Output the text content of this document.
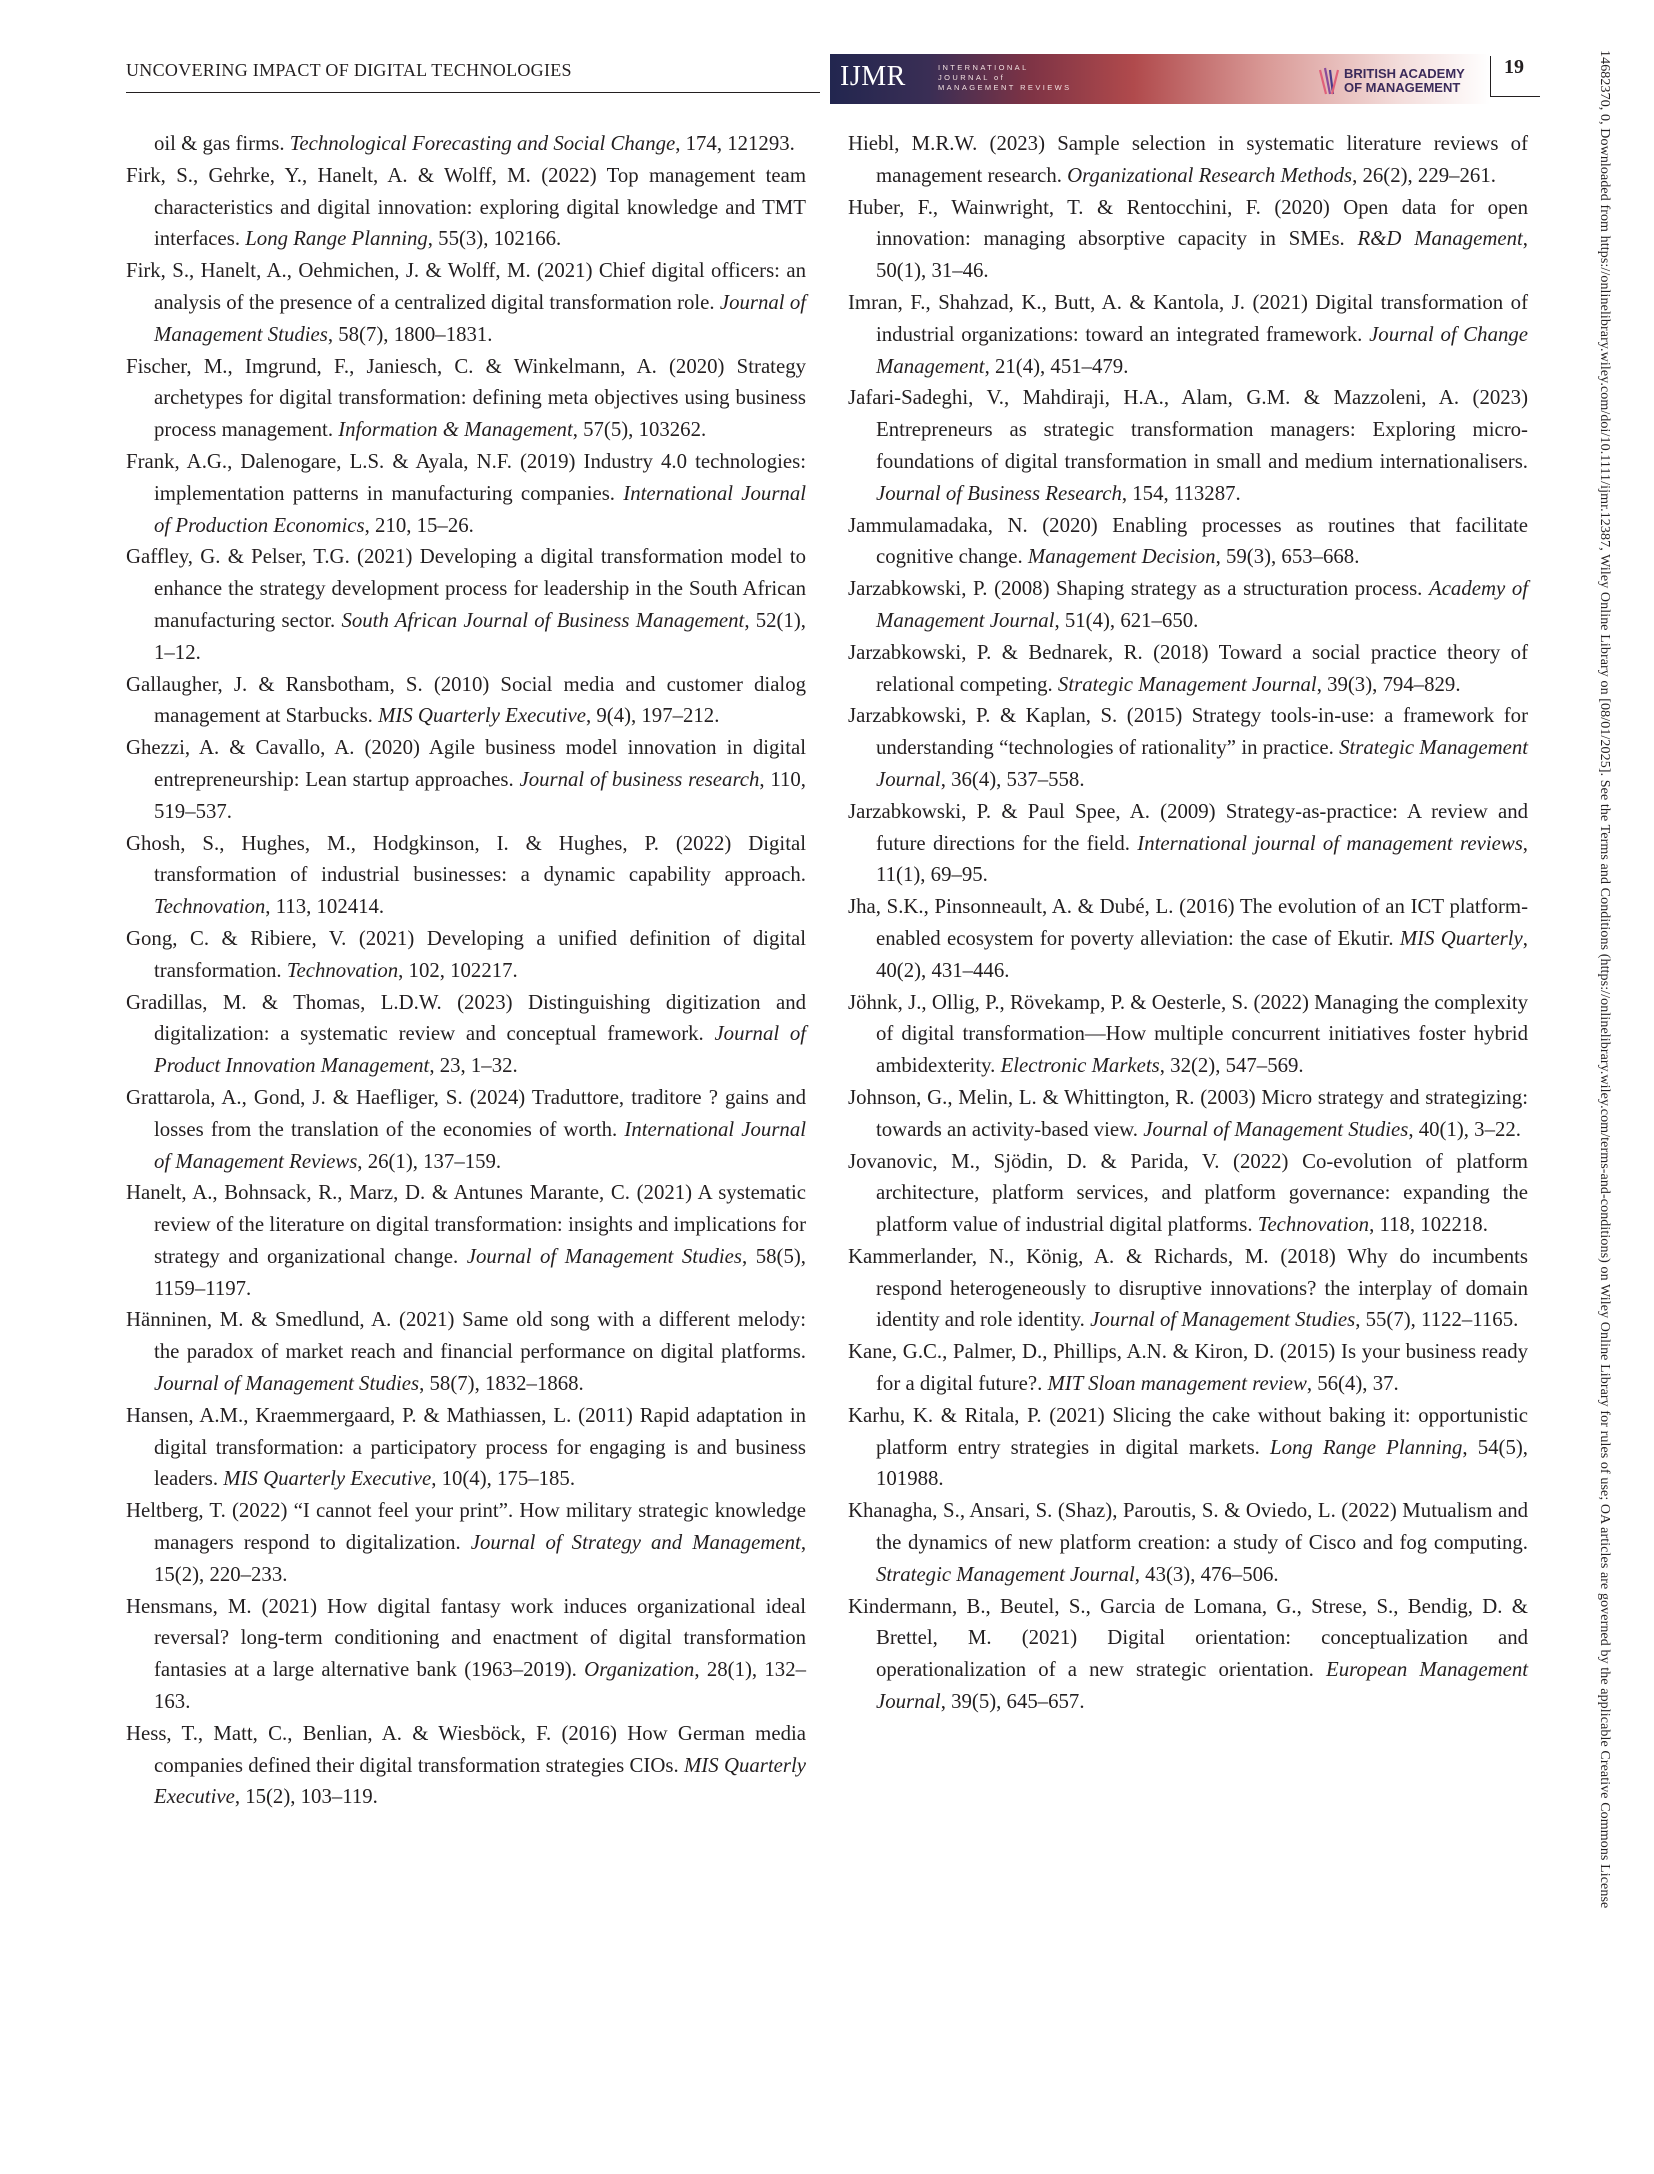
UNCOVERING IMPACT OF DIGITAL TECHNOLOGIES	IJMR	INTERNATIONAL
JOURNAL of
MANAGEMENT REVIEWS
BRITISH ACADEMY
OF MANAGEMENT
19

oil & gas firms. Technological Forecasting and Social Change, 174, 121293.

Firk, S., Gehrke, Y., Hanelt, A. & Wolff, M. (2022) Top management team characteristics and digital innovation: exploring digital knowledge and TMT interfaces. Long Range Planning, 55(3), 102166.

Firk, S., Hanelt, A., Oehmichen, J. & Wolff, M. (2021) Chief digital officers: an analysis of the presence of a centralized digital transformation role. Journal of Management Studies, 58(7), 1800–1831.

Fischer, M., Imgrund, F., Janiesch, C. & Winkelmann, A. (2020) Strategy archetypes for digital transformation: defining meta objectives using business process management. Information & Management, 57(5), 103262.

Frank, A.G., Dalenogare, L.S. & Ayala, N.F. (2019) Industry 4.0 technologies: implementation patterns in manufacturing companies. International Journal of Production Economics, 210, 15–26.

Gaffley, G. & Pelser, T.G. (2021) Developing a digital transformation model to enhance the strategy development process for leadership in the South African manufacturing sector. South African Journal of Business Management, 52(1), 1–12.

Gallaugher, J. & Ransbotham, S. (2010) Social media and customer dialog management at Starbucks. MIS Quarterly Executive, 9(4), 197–212.

Ghezzi, A. & Cavallo, A. (2020) Agile business model innovation in digital entrepreneurship: Lean startup approaches. Journal of business research, 110, 519–537.

Ghosh, S., Hughes, M., Hodgkinson, I. & Hughes, P. (2022) Digital transformation of industrial businesses: a dynamic capability approach. Technovation, 113, 102414.

Gong, C. & Ribiere, V. (2021) Developing a unified definition of digital transformation. Technovation, 102, 102217.

Gradillas, M. & Thomas, L.D.W. (2023) Distinguishing digitization and digitalization: a systematic review and conceptual framework. Journal of Product Innovation Management, 23, 1–32.

Grattarola, A., Gond, J. & Haefliger, S. (2024) Traduttore, traditore ? gains and losses from the translation of the economies of worth. International Journal of Management Reviews, 26(1), 137–159.

Hanelt, A., Bohnsack, R., Marz, D. & Antunes Marante, C. (2021) A systematic review of the literature on digital transformation: insights and implications for strategy and organizational change. Journal of Management Studies, 58(5), 1159–1197.

Hänninen, M. & Smedlund, A. (2021) Same old song with a different melody: the paradox of market reach and financial performance on digital platforms. Journal of Management Studies, 58(7), 1832–1868.

Hansen, A.M., Kraemmergaard, P. & Mathiassen, L. (2011) Rapid adaptation in digital transformation: a participatory process for engaging is and business leaders. MIS Quarterly Executive, 10(4), 175–185.

Heltberg, T. (2022) “I cannot feel your print”. How military strategic knowledge managers respond to digitalization. Journal of Strategy and Management, 15(2), 220–233.

Hensmans, M. (2021) How digital fantasy work induces organizational ideal reversal? long-term conditioning and enactment of digital transformation fantasies at a large alternative bank (1963–2019). Organization, 28(1), 132–163.

Hess, T., Matt, C., Benlian, A. & Wiesböck, F. (2016) How German media companies defined their digital transformation strategies CIOs. MIS Quarterly Executive, 15(2), 103–119.

Hiebl, M.R.W. (2023) Sample selection in systematic literature reviews of management research. Organizational Research Methods, 26(2), 229–261.

Huber, F., Wainwright, T. & Rentocchini, F. (2020) Open data for open innovation: managing absorptive capacity in SMEs. R&D Management, 50(1), 31–46.

Imran, F., Shahzad, K., Butt, A. & Kantola, J. (2021) Digital transformation of industrial organizations: toward an integrated framework. Journal of Change Management, 21(4), 451–479.

Jafari-Sadeghi, V., Mahdiraji, H.A., Alam, G.M. & Mazzoleni, A. (2023) Entrepreneurs as strategic transformation managers: Exploring micro-foundations of digital transformation in small and medium internationalisers. Journal of Business Research, 154, 113287.

Jammulamadaka, N. (2020) Enabling processes as routines that facilitate cognitive change. Management Decision, 59(3), 653–668.

Jarzabkowski, P. (2008) Shaping strategy as a structuration process. Academy of Management Journal, 51(4), 621–650.

Jarzabkowski, P. & Bednarek, R. (2018) Toward a social practice theory of relational competing. Strategic Management Journal, 39(3), 794–829.

Jarzabkowski, P. & Kaplan, S. (2015) Strategy tools-in-use: a framework for understanding “technologies of rationality” in practice. Strategic Management Journal, 36(4), 537–558.

Jarzabkowski, P. & Paul Spee, A. (2009) Strategy-as-practice: A review and future directions for the field. International journal of management reviews, 11(1), 69–95.

Jha, S.K., Pinsonneault, A. & Dubé, L. (2016) The evolution of an ICT platform-enabled ecosystem for poverty alleviation: the case of Ekutir. MIS Quarterly, 40(2), 431–446.

Jöhnk, J., Ollig, P., Rövekamp, P. & Oesterle, S. (2022) Managing the complexity of digital transformation—How multiple concurrent initiatives foster hybrid ambidexterity. Electronic Markets, 32(2), 547–569.

Johnson, G., Melin, L. & Whittington, R. (2003) Micro strategy and strategizing: towards an activity-based view. Journal of Management Studies, 40(1), 3–22.

Jovanovic, M., Sjödin, D. & Parida, V. (2022) Co-evolution of platform architecture, platform services, and platform governance: expanding the platform value of industrial digital platforms. Technovation, 118, 102218.

Kammerlander, N., König, A. & Richards, M. (2018) Why do incumbents respond heterogeneously to disruptive innovations? the interplay of domain identity and role identity. Journal of Management Studies, 55(7), 1122–1165.

Kane, G.C., Palmer, D., Phillips, A.N. & Kiron, D. (2015) Is your business ready for a digital future?. MIT Sloan management review, 56(4), 37.

Karhu, K. & Ritala, P. (2021) Slicing the cake without baking it: opportunistic platform entry strategies in digital markets. Long Range Planning, 54(5), 101988.

Khanagha, S., Ansari, S. (Shaz), Paroutis, S. & Oviedo, L. (2022) Mutualism and the dynamics of new platform creation: a study of Cisco and fog computing. Strategic Management Journal, 43(3), 476–506.

Kindermann, B., Beutel, S., Garcia de Lomana, G., Strese, S., Bendig, D. & Brettel, M. (2021) Digital orientation: conceptualization and operationalization of a new strategic orientation. European Management Journal, 39(5), 645–657.	14682370, 0, Downloaded from https://onlinelibrary.wiley.com/doi/10.1111/ijmr.12387, Wiley Online Library on [08/01/2025]. See the Terms and Conditions (https://onlinelibrary.wiley.com/terms-and-conditions) on Wiley Online Library for rules of use; OA articles are governed by the applicable Creative Commons License
